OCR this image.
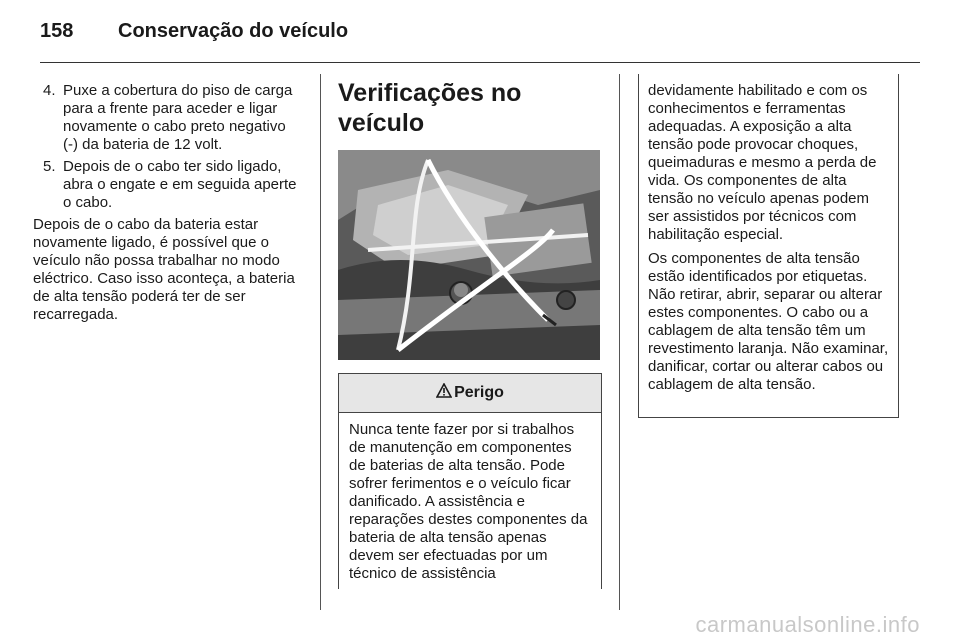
158 Conservação do veículo
4. Puxe a cobertura do piso de carga para a frente para aceder e ligar novamente o cabo preto negativo (-) da bateria de 12 volt.
5. Depois de o cabo ter sido ligado, abra o engate e em seguida aperte o cabo.
Depois de o cabo da bateria estar novamente ligado, é possível que o veículo não possa trabalhar no modo eléctrico. Caso isso aconteça, a bateria de alta tensão poderá ter de ser recarregada.
Verificações no veículo
Perigo
Nunca tente fazer por si trabalhos de manutenção em componentes de baterias de alta tensão. Pode sofrer ferimentos e o veículo ficar danificado. A assistência e reparações destes componentes da bateria de alta tensão apenas devem ser efectuadas por um técnico de assistência

devidamente habilitado e com os conhecimentos e ferramentas adequadas. A exposição a alta tensão pode provocar choques, queimaduras e mesmo a perda de vida. Os componentes de alta tensão no veículo apenas podem ser assistidos por técnicos com habilitação especial.

Os componentes de alta tensão estão identificados por etiquetas. Não retirar, abrir, separar ou alterar estes componentes. O cabo ou a cablagem de alta tensão têm um revestimento laranja. Não examinar, danificar, cortar ou alterar cabos ou cablagem de alta tensão.

carmanualsonline.info
